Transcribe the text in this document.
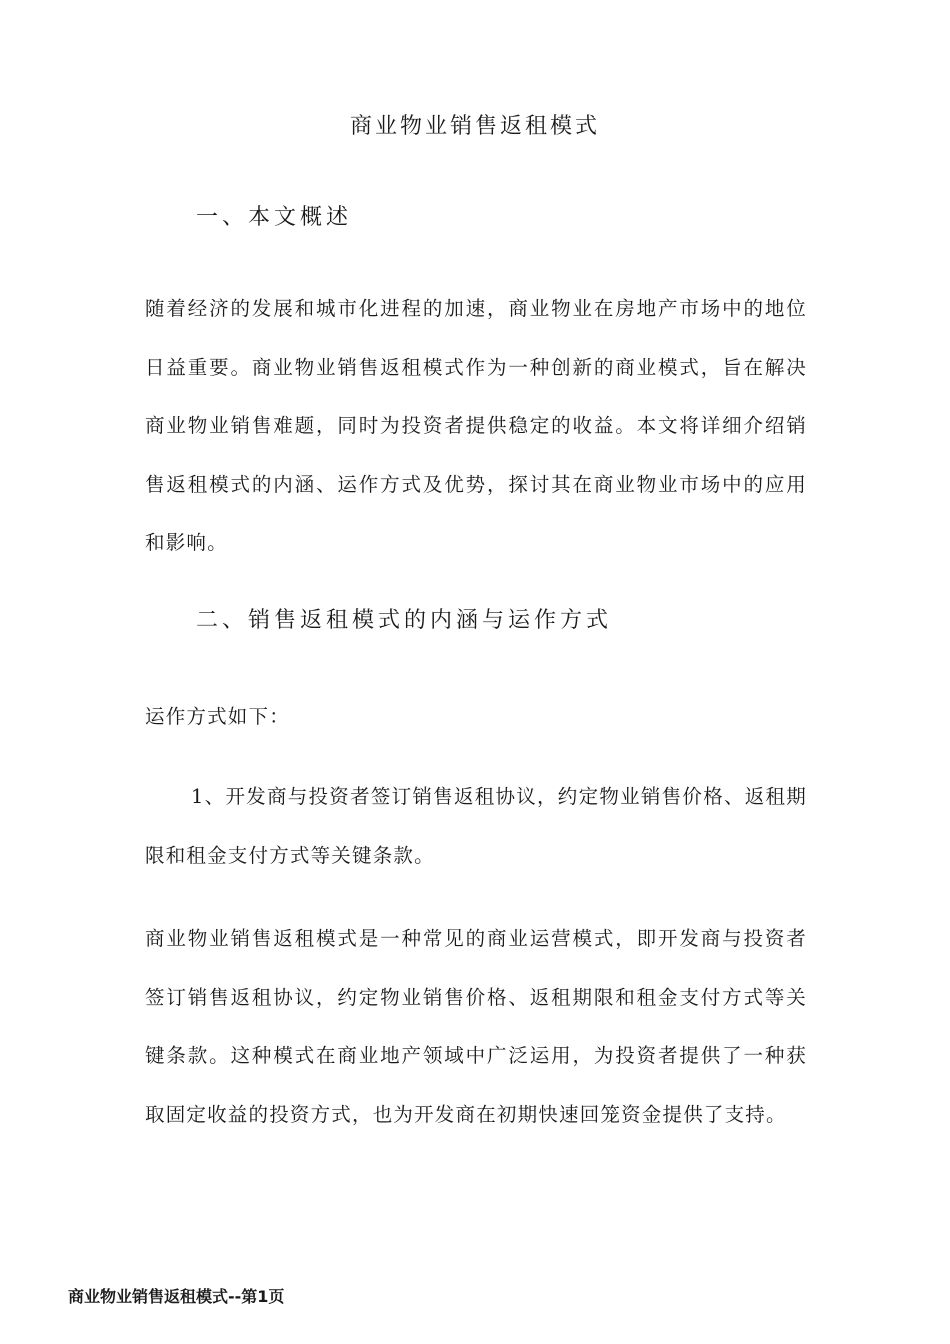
商业物业销售返租模式
一、本文概述
随着经济的发展和城市化进程的加速，商业物业在房地产市场中的地位日益重要。商业物业销售返租模式作为一种创新的商业模式，旨在解决商业物业销售难题，同时为投资者提供稳定的收益。本文将详细介绍销售返租模式的内涵、运作方式及优势，探讨其在商业物业市场中的应用和影响。
二、销售返租模式的内涵与运作方式
运作方式如下：
1、开发商与投资者签订销售返租协议，约定物业销售价格、返租期限和租金支付方式等关键条款。
商业物业销售返租模式是一种常见的商业运营模式，即开发商与投资者签订销售返租协议，约定物业销售价格、返租期限和租金支付方式等关键条款。这种模式在商业地产领域中广泛运用，为投资者提供了一种获取固定收益的投资方式，也为开发商在初期快速回笼资金提供了支持。
商业物业销售返租模式--第1页
